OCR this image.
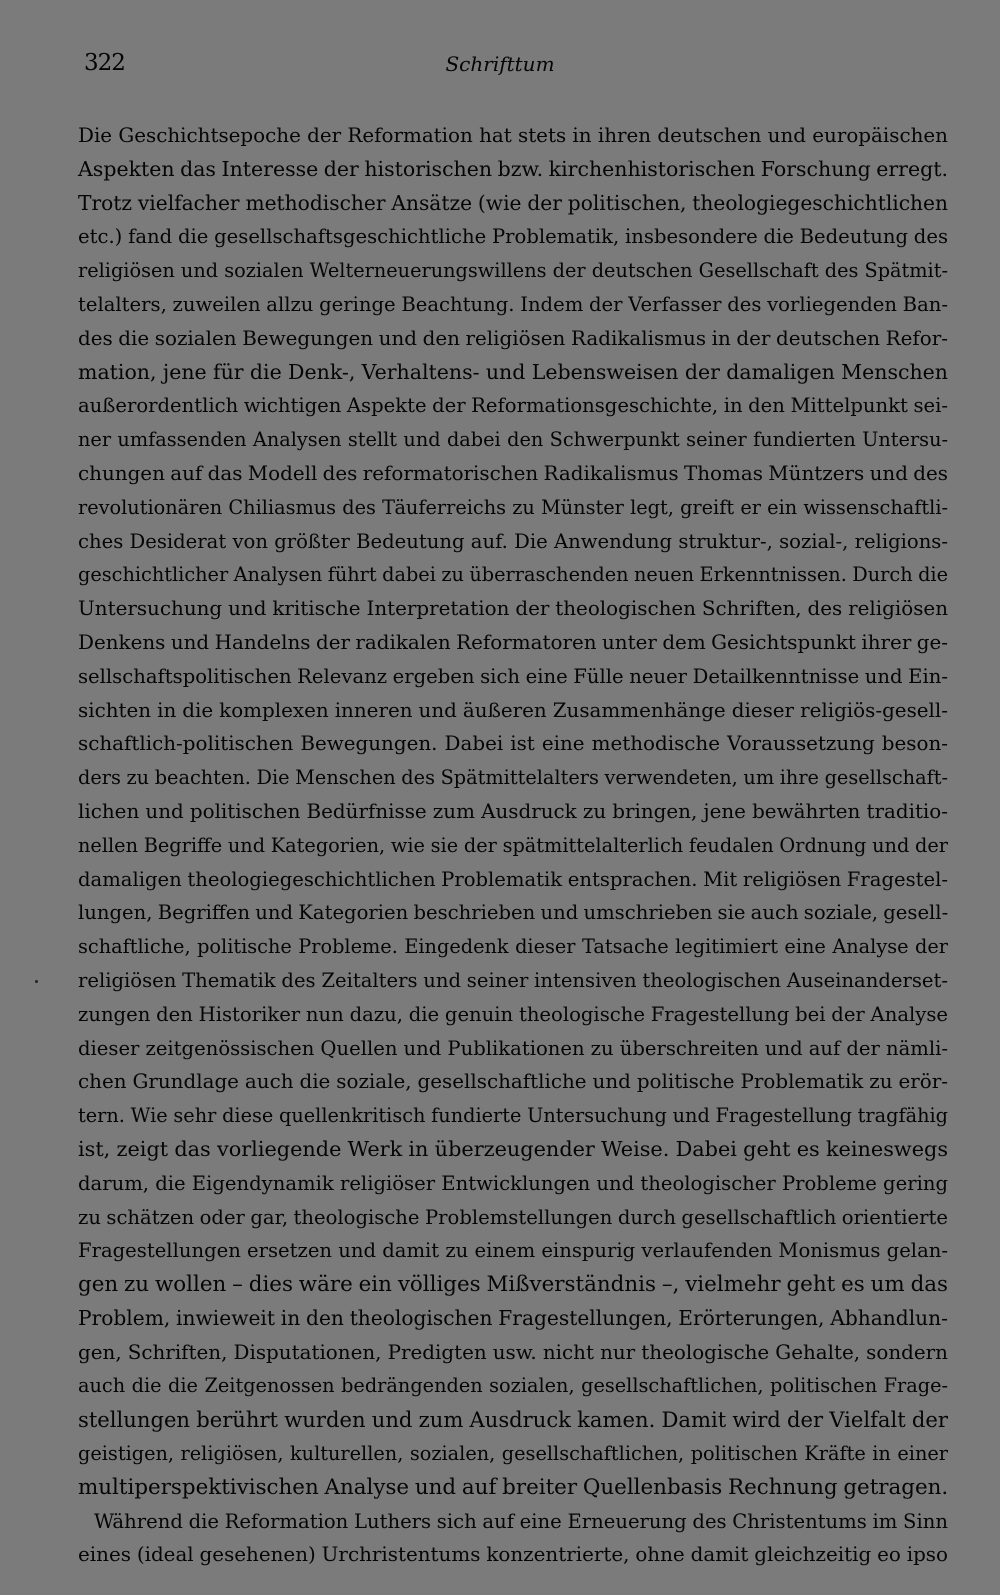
322	Schrifttum
Die Geschichtsepoche der Reformation hat stets in ihren deutschen und europäischen
Aspekten das Interesse der historischen bzw. kirchenhistorischen Forschung erregt.
Trotz vielfacher methodischer Ansätze (wie der politischen, theologiegeschichtlichen
etc.) fand die gesellschaftsgeschichtliche Problematik, insbesondere die Bedeutung des
religiösen und sozialen Welterneuerungswillens der deutschen Gesellschaft des Spätmit-
telalters, zuweilen allzu geringe Beachtung. Indem der Verfasser des vorliegenden Ban-
des die sozialen Bewegungen und den religiösen Radikalismus in der deutschen Refor-
mation, jene für die Denk-, Verhaltens- und Lebensweisen der damaligen Menschen
außerordentlich wichtigen Aspekte der Reformationsgeschichte, in den Mittelpunkt sei-
ner umfassenden Analysen stellt und dabei den Schwerpunkt seiner fundierten Untersu-
chungen auf das Modell des reformatorischen Radikalismus Thomas Müntzers und des
revolutionären Chiliasmus des Täuferreichs zu Münster legt, greift er ein wissenschaftli-
ches Desiderat von größter Bedeutung auf. Die Anwendung struktur-, sozial-, religions-
geschichtlicher Analysen führt dabei zu überraschenden neuen Erkenntnissen. Durch die
Untersuchung und kritische Interpretation der theologischen Schriften, des religiösen
Denkens und Handelns der radikalen Reformatoren unter dem Gesichtspunkt ihrer ge-
sellschaftspolitischen Relevanz ergeben sich eine Fülle neuer Detailkenntnisse und Ein-
sichten in die komplexen inneren und äußeren Zusammenhänge dieser religiös-gesell-
schaftlich-politischen Bewegungen. Dabei ist eine methodische Voraussetzung beson-
ders zu beachten. Die Menschen des Spätmittelalters verwendeten, um ihre gesellschaft-
lichen und politischen Bedürfnisse zum Ausdruck zu bringen, jene bewährten traditio-
nellen Begriffe und Kategorien, wie sie der spätmittelalterlich feudalen Ordnung und der
damaligen theologiegeschichtlichen Problematik entsprachen. Mit religiösen Fragestel-
lungen, Begriffen und Kategorien beschrieben und umschrieben sie auch soziale, gesell-
schaftliche, politische Probleme. Eingedenk dieser Tatsache legitimiert eine Analyse der
religiösen Thematik des Zeitalters und seiner intensiven theologischen Auseinanderset-
zungen den Historiker nun dazu, die genuin theologische Fragestellung bei der Analyse
dieser zeitgenössischen Quellen und Publikationen zu überschreiten und auf der nämli-
chen Grundlage auch die soziale, gesellschaftliche und politische Problematik zu erör-
tern. Wie sehr diese quellenkritisch fundierte Untersuchung und Fragestellung tragfähig
ist, zeigt das vorliegende Werk in überzeugender Weise. Dabei geht es keineswegs
darum, die Eigendynamik religiöser Entwicklungen und theologischer Probleme gering
zu schätzen oder gar, theologische Problemstellungen durch gesellschaftlich orientierte
Fragestellungen ersetzen und damit zu einem einspurig verlaufenden Monismus gelan-
gen zu wollen – dies wäre ein völliges Mißverständnis –, vielmehr geht es um das
Problem, inwieweit in den theologischen Fragestellungen, Erörterungen, Abhandlun-
gen, Schriften, Disputationen, Predigten usw. nicht nur theologische Gehalte, sondern
auch die die Zeitgenossen bedrängenden sozialen, gesellschaftlichen, politischen Frage-
stellungen berührt wurden und zum Ausdruck kamen. Damit wird der Vielfalt der
geistigen, religiösen, kulturellen, sozialen, gesellschaftlichen, politischen Kräfte in einer
multiperspektivischen Analyse und auf breiter Quellenbasis Rechnung getragen.
Während die Reformation Luthers sich auf eine Erneuerung des Christentums im Sinn
eines (ideal gesehenen) Urchristentums konzentrierte, ohne damit gleichzeitig eo ipso
